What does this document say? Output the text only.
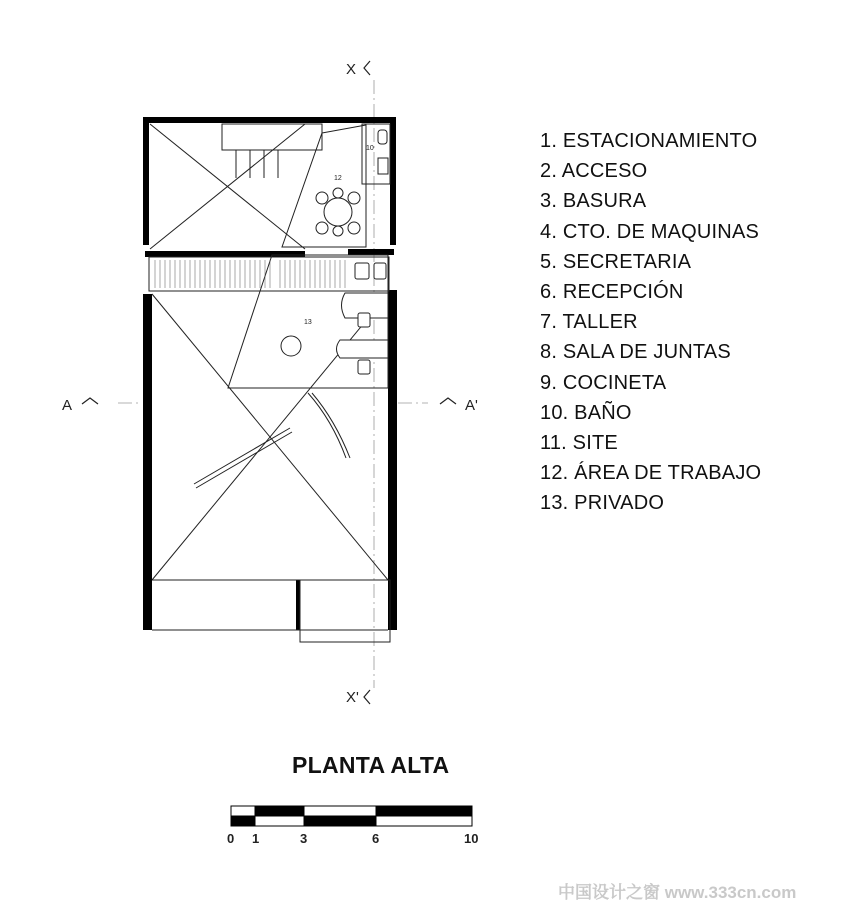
10
12
13
X
X'
A	A'
0 1	3	6	10
1. ESTACIONAMIENTO
2. ACCESO
3. BASURA
4. CTO. DE MAQUINAS
5. SECRETARIA
6. RECEPCIÓN
7. TALLER
8. SALA DE JUNTAS
9. COCINETA
10. BAÑO
11. SITE
12. ÁREA DE TRABAJO
13. PRIVADO
PLANTA ALTA
中国设计之窗 www.333cn.com
